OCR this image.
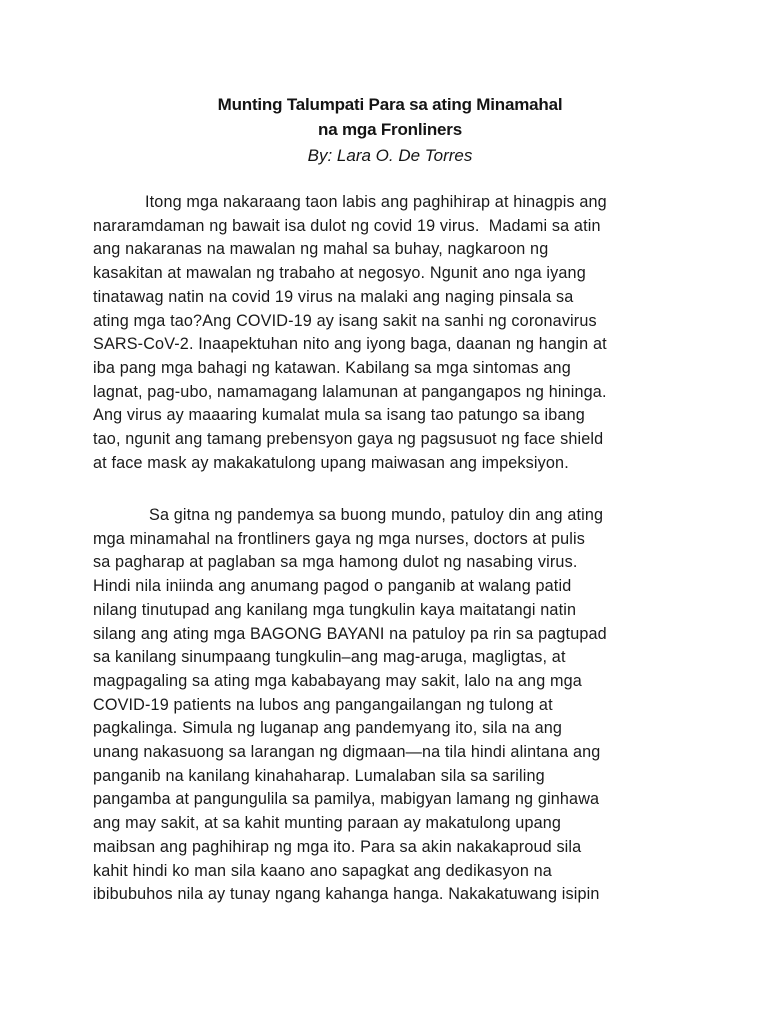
Munting Talumpati Para sa ating Minamahal

na mga Fronliners

By: Lara O. De Torres

Itong mga nakaraang taon labis ang paghihirap at hinagpis ang
nararamdaman ng bawait isa dulot ng covid 19 virus.  Madami sa atin
ang nakaranas na mawalan ng mahal sa buhay, nagkaroon ng
kasakitan at mawalan ng trabaho at negosyo. Ngunit ano nga iyang
tinatawag natin na covid 19 virus na malaki ang naging pinsala sa
ating mga tao?Ang COVID-19 ay isang sakit na sanhi ng coronavirus
SARS-CoV-2. Inaapektuhan nito ang iyong baga, daanan ng hangin at
iba pang mga bahagi ng katawan. Kabilang sa mga sintomas ang
lagnat, pag-ubo, namamagang lalamunan at pangangapos ng hininga.
Ang virus ay maaaring kumalat mula sa isang tao patungo sa ibang
tao, ngunit ang tamang prebensyon gaya ng pagsusuot ng face shield
at face mask ay makakatulong upang maiwasan ang impeksiyon.
Sa gitna ng pandemya sa buong mundo, patuloy din ang ating
mga minamahal na frontliners gaya ng mga nurses, doctors at pulis
sa pagharap at paglaban sa mga hamong dulot ng nasabing virus.
Hindi nila iniinda ang anumang pagod o panganib at walang patid
nilang tinutupad ang kanilang mga tungkulin kaya maitatangi natin
silang ang ating mga BAGONG BAYANI na patuloy pa rin sa pagtupad
sa kanilang sinumpaang tungkulin–ang mag-aruga, magligtas, at
magpagaling sa ating mga kababayang may sakit, lalo na ang mga
COVID-19 patients na lubos ang pangangailangan ng tulong at
pagkalinga. Simula ng luganap ang pandemyang ito, sila na ang
unang nakasuong sa larangan ng digmaan—na tila hindi alintana ang
panganib na kanilang kinahaharap. Lumalaban sila sa sariling
pangamba at pangungulila sa pamilya, mabigyan lamang ng ginhawa
ang may sakit, at sa kahit munting paraan ay makatulong upang
maibsan ang paghihirap ng mga ito. Para sa akin nakakaproud sila
kahit hindi ko man sila kaano ano sapagkat ang dedikasyon na
ibibubuhos nila ay tunay ngang kahanga hanga. Nakakatuwang isipin
